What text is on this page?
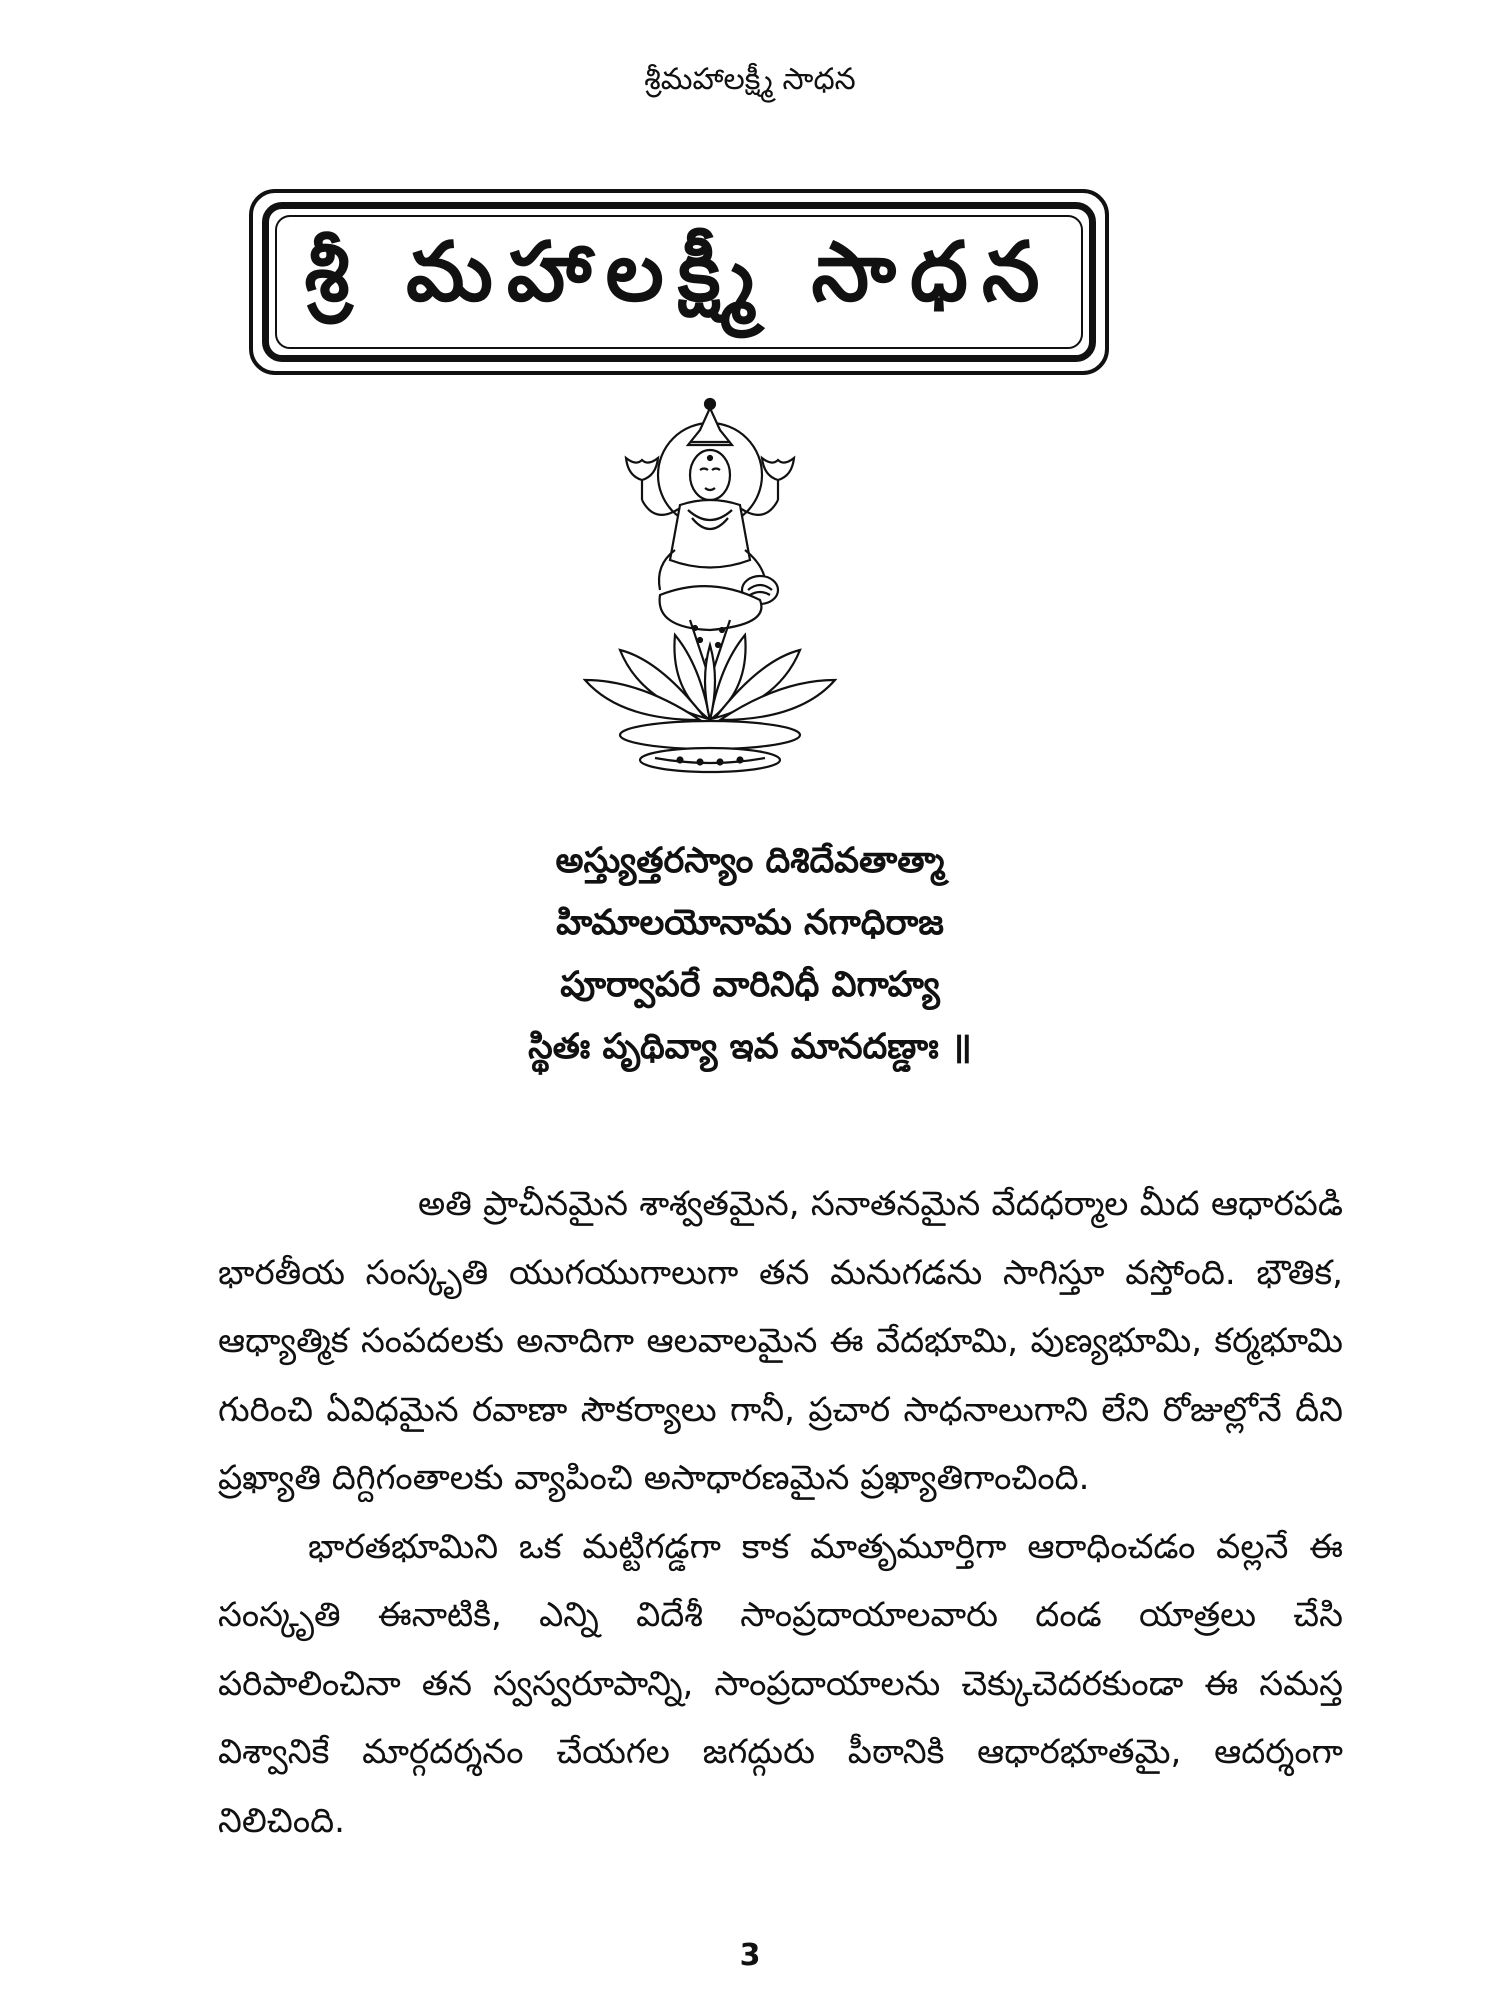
శ్రీమహాలక్ష్మీ సాధన
శ్రీ మహాలక్ష్మీ సాధన
అస్త్యుత్తరస్యాం దిశిదేవతాత్మా
హిమాలయోనామ నగాధిరాజ
పూర్వాపరే వారినిధీ విగాహ్య
స్థితః పృథివ్యా ఇవ మానదణ్డాః ॥

అతి ప్రాచీనమైన శాశ్వతమైన, సనాతనమైన వేదధర్మాల మీద ఆధారపడి భారతీయ సంస్కృతి యుగయుగాలుగా తన మనుగడను సాగిస్తూ వస్తోంది. భౌతిక, ఆధ్యాత్మిక సంపదలకు అనాదిగా ఆలవాలమైన ఈ వేదభూమి, పుణ్యభూమి, కర్మభూమి గురించి ఏవిధమైన రవాణా సౌకర్యాలు గానీ, ప్రచార సాధనాలుగాని లేని రోజుల్లోనే దీని ప్రఖ్యాతి దిగ్దిగంతాలకు వ్యాపించి అసాధారణమైన ప్రఖ్యాతిగాంచింది.

భారతభూమిని ఒక మట్టిగడ్డగా కాక మాతృమూర్తిగా ఆరాధించడం వల్లనే ఈ సంస్కృతి ఈనాటికి, ఎన్ని విదేశీ సాంప్రదాయాలవారు దండ యాత్రలు చేసి పరిపాలించినా తన స్వస్వరూపాన్ని, సాంప్రదాయాలను చెక్కుచెదరకుండా ఈ సమస్త విశ్వానికే మార్గదర్శనం చేయగల జగద్గురు పీఠానికి ఆధారభూతమై, ఆదర్శంగా నిలిచింది.

3
